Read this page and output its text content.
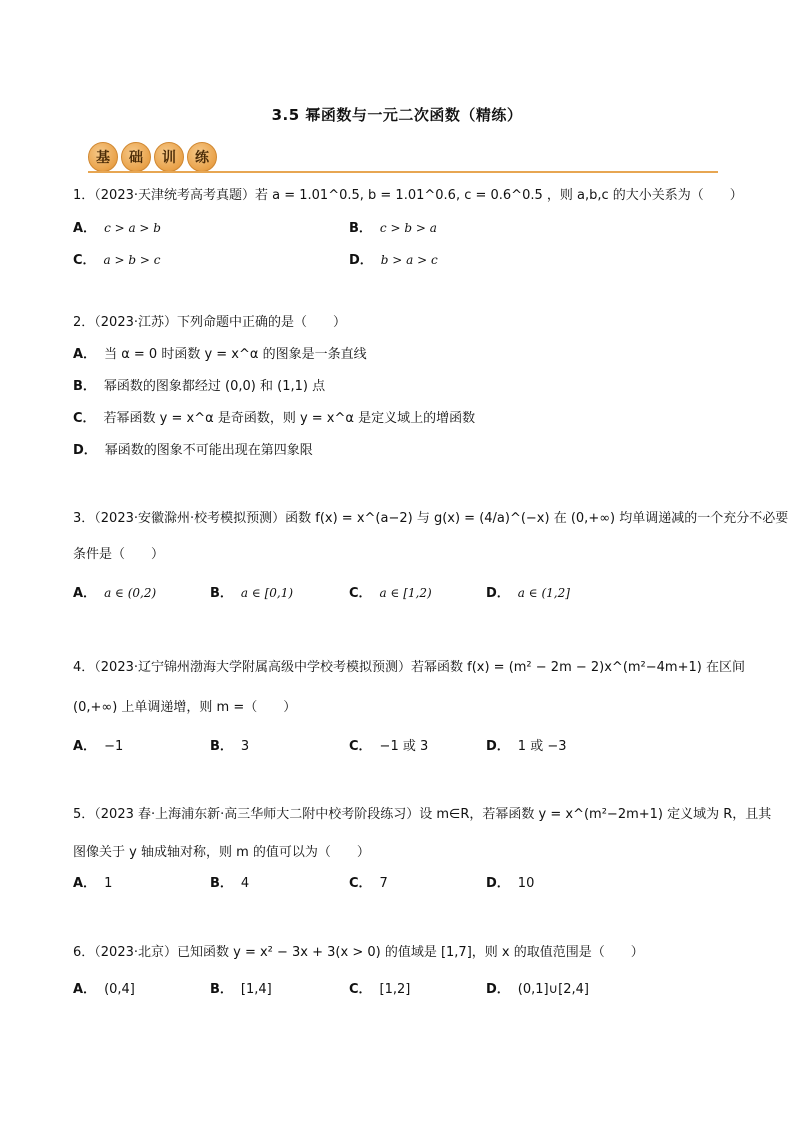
3.5 幂函数与一元二次函数（精练）
基	础	训	练
1．（2023·天津统考高考真题）若 a = 1.01^0.5, b = 1.01^0.6, c = 0.6^0.5 ，则 a,b,c 的大小关系为（　　）
A． c > a > b	B． c > b > a
C． a > b > c	D． b > a > c
2．（2023·江苏）下列命题中正确的是（　　）
A． 当 α = 0 时函数 y = x^α 的图象是一条直线
B． 幂函数的图象都经过 (0,0) 和 (1,1) 点
C． 若幂函数 y = x^α 是奇函数，则 y = x^α 是定义域上的增函数
D． 幂函数的图象不可能出现在第四象限
3．（2023·安徽滁州·校考模拟预测）函数 f(x) = x^(a−2) 与 g(x) = (4/a)^(−x) 在 (0,+∞) 均单调递减的一个充分不必要
条件是（　　）
A． a ∈ (0,2)	B． a ∈ [0,1)	C． a ∈ [1,2)	D． a ∈ (1,2]
4．（2023·辽宁锦州渤海大学附属高级中学校考模拟预测）若幂函数 f(x) = (m² − 2m − 2)x^(m²−4m+1) 在区间
(0,+∞) 上单调递增，则 m =（　　）
A． −1	B． 3	C． −1 或 3	D． 1 或 −3
5．（2023 春·上海浦东新·高三华师大二附中校考阶段练习）设 m∈R，若幂函数 y = x^(m²−2m+1) 定义域为 R，且其
图像关于 y 轴成轴对称，则 m 的值可以为（　　）
A． 1	B． 4	C． 7	D． 10
6．（2023·北京）已知函数 y = x² − 3x + 3(x > 0) 的值域是 [1,7]，则 x 的取值范围是（　　）
A． (0,4]	B． [1,4]	C． [1,2]	D． (0,1]∪[2,4]
